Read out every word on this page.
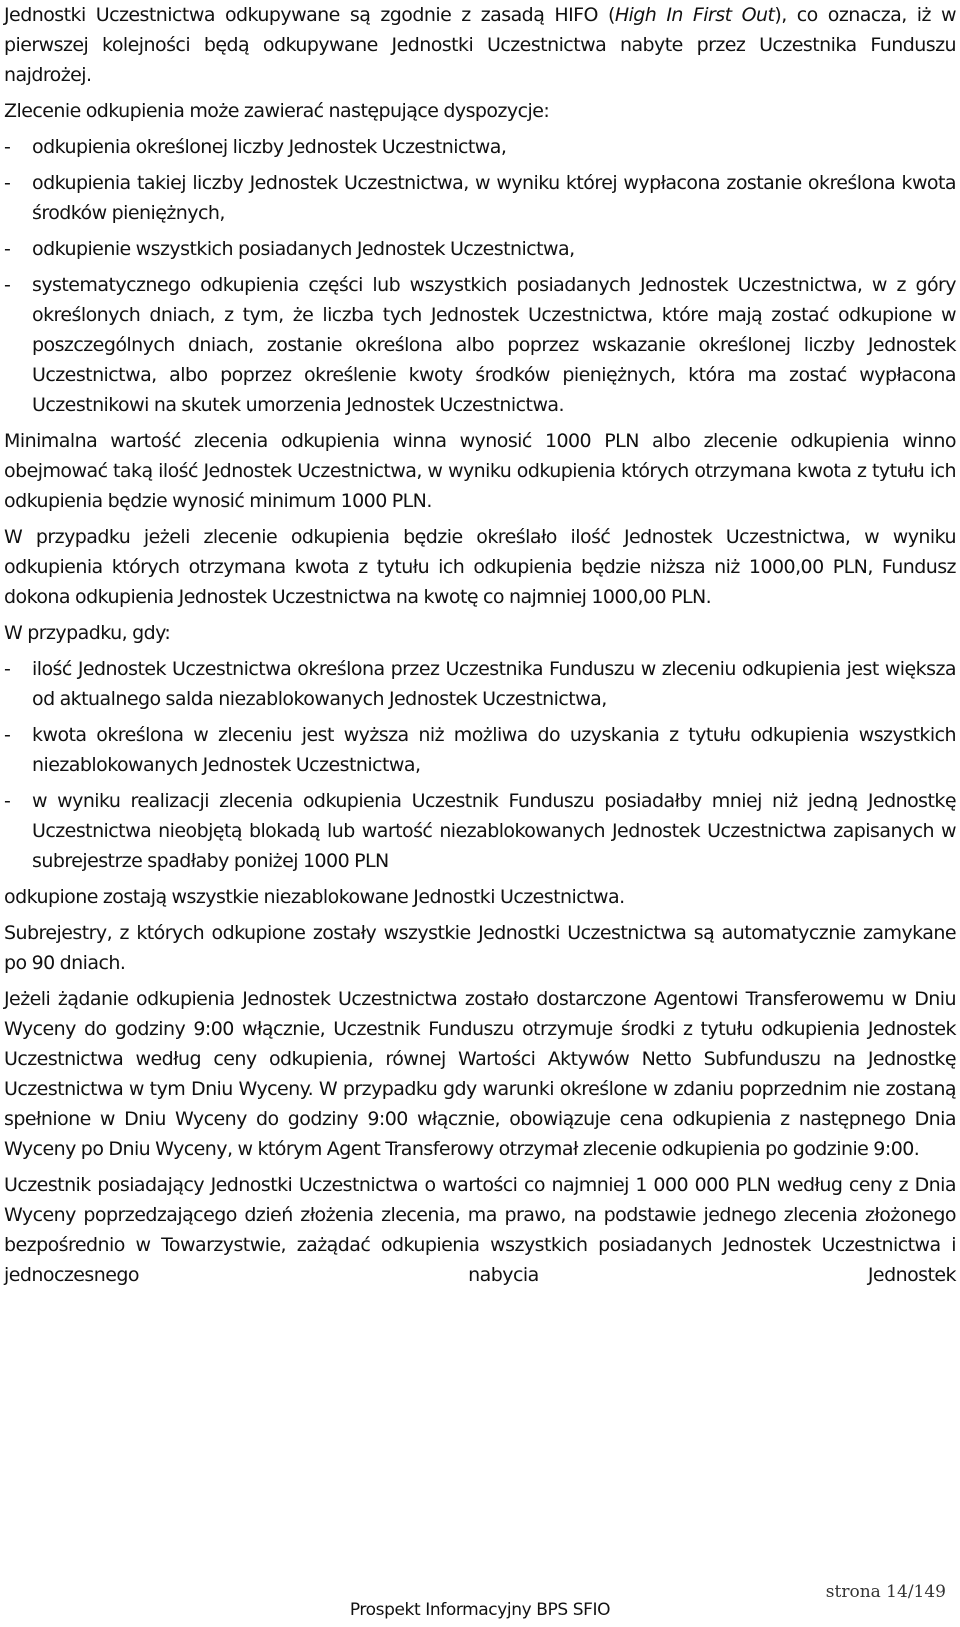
Jednostki Uczestnictwa odkupywane są zgodnie z zasadą HIFO (High In First Out), co oznacza, iż w pierwszej kolejności będą odkupywane Jednostki Uczestnictwa nabyte przez Uczestnika Funduszu najdrożej.

Zlecenie odkupienia może zawierać następujące dyspozycje:

- odkupienia określonej liczby Jednostek Uczestnictwa,
- odkupienia takiej liczby Jednostek Uczestnictwa, w wyniku której wypłacona zostanie określona kwota środków pieniężnych,
- odkupienie wszystkich posiadanych Jednostek Uczestnictwa,
- systematycznego odkupienia części lub wszystkich posiadanych Jednostek Uczestnictwa, w z góry określonych dniach, z tym, że liczba tych Jednostek Uczestnictwa, które mają zostać odkupione w poszczególnych dniach, zostanie określona albo poprzez wskazanie określonej liczby Jednostek Uczestnictwa, albo poprzez określenie kwoty środków pieniężnych, która ma zostać wypłacona Uczestnikowi na skutek umorzenia Jednostek Uczestnictwa.

Minimalna wartość zlecenia odkupienia winna wynosić 1000 PLN albo zlecenie odkupienia winno obejmować taką ilość Jednostek Uczestnictwa, w wyniku odkupienia których otrzymana kwota z tytułu ich odkupienia będzie wynosić minimum 1000 PLN.

W przypadku jeżeli zlecenie odkupienia będzie określało ilość Jednostek Uczestnictwa, w wyniku odkupienia których otrzymana kwota z tytułu ich odkupienia będzie niższa niż 1000,00 PLN, Fundusz dokona odkupienia Jednostek Uczestnictwa na kwotę co najmniej 1000,00 PLN.

W przypadku, gdy:

- ilość Jednostek Uczestnictwa określona przez Uczestnika Funduszu w zleceniu odkupienia jest większa od aktualnego salda niezablokowanych Jednostek Uczestnictwa,
- kwota określona w zleceniu jest wyższa niż możliwa do uzyskania z tytułu odkupienia wszystkich niezablokowanych Jednostek Uczestnictwa,
- w wyniku realizacji zlecenia odkupienia Uczestnik Funduszu posiadałby mniej niż jedną Jednostkę Uczestnictwa nieobjętą blokadą lub wartość niezablokowanych Jednostek Uczestnictwa zapisanych w subrejestrze spadłaby poniżej 1000 PLN

odkupione zostają wszystkie niezablokowane Jednostki Uczestnictwa.

Subrejestry, z których odkupione zostały wszystkie Jednostki Uczestnictwa są automatycznie zamykane po 90 dniach.

Jeżeli żądanie odkupienia Jednostek Uczestnictwa zostało dostarczone Agentowi Transferowemu w Dniu Wyceny do godziny 9:00 włącznie, Uczestnik Funduszu otrzymuje środki z tytułu odkupienia Jednostek Uczestnictwa według ceny odkupienia, równej Wartości Aktywów Netto Subfunduszu na Jednostkę Uczestnictwa w tym Dniu Wyceny. W przypadku gdy warunki określone w zdaniu poprzednim nie zostaną spełnione w Dniu Wyceny do godziny 9:00 włącznie, obowiązuje cena odkupienia z następnego Dnia Wyceny po Dniu Wyceny, w którym Agent Transferowy otrzymał zlecenie odkupienia po godzinie 9:00.

Uczestnik posiadający Jednostki Uczestnictwa o wartości co najmniej 1 000 000 PLN według ceny z Dnia Wyceny poprzedzającego dzień złożenia zlecenia, ma prawo, na podstawie jednego zlecenia złożonego bezpośrednio w Towarzystwie, zażądać odkupienia wszystkich posiadanych Jednostek Uczestnictwa i jednoczesnego nabycia Jednostek

strona 14/149
Prospekt Informacyjny BPS SFIO
